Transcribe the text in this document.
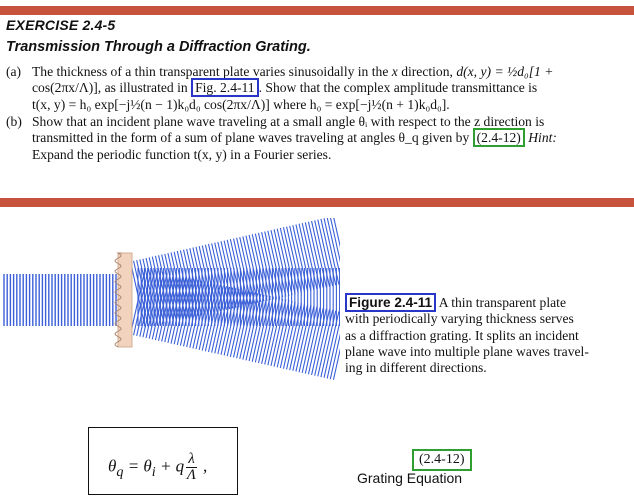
EXERCISE 2.4-5
Transmission Through a Diffraction Grating.
(a) The thickness of a thin transparent plate varies sinusoidally in the x direction, d(x, y) = ½d₀[1 +
cos(2πx/Λ)], as illustrated in Fig. 2.4-11 . Show that the complex amplitude transmittance is
t(x, y) = h₀ exp[−j½(n − 1)k₀d₀ cos(2πx/Λ)] where h₀ = exp[−j½(n + 1)k₀d₀].
(b) Show that an incident plane wave traveling at a small angle θᵢ with respect to the z direction is
transmitted in the form of a sum of plane waves traveling at angles θ_q given by (2.4-12) Hint:
Expand the periodic function t(x, y) in a Fourier series.
Figure 2.4-11 A thin transparent plate
with periodically varying thickness serves
as a diffraction grating. It splits an incident
plane wave into multiple plane waves travel-
ing in different directions.
$\theta_q = \theta_i + q \frac{\lambda}{\Lambda}$ ,	(2.4-12)
Grating Equation
